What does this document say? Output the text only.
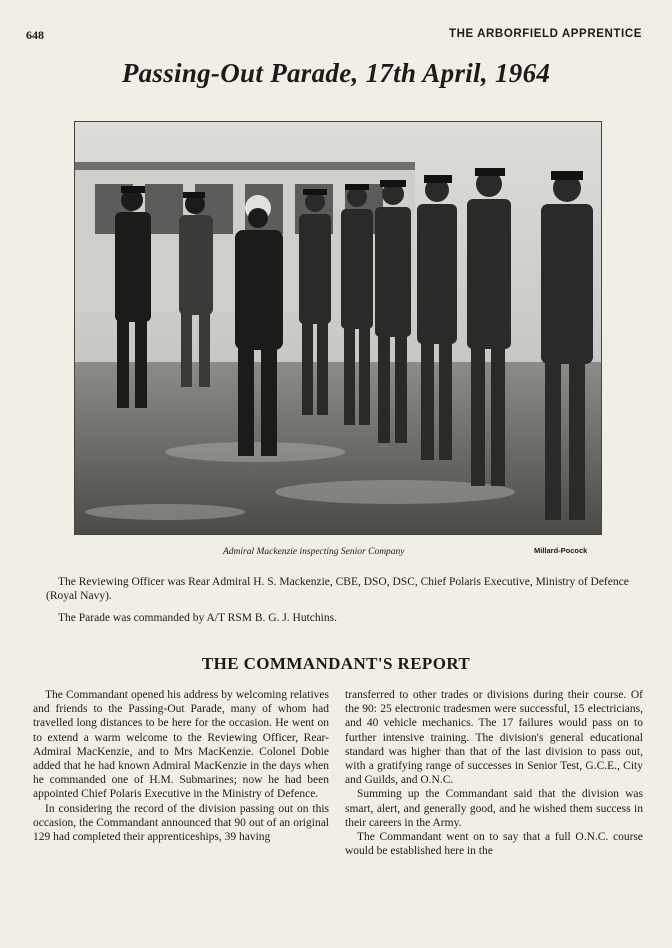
648	THE ARBORFIELD APPRENTICE
Passing-Out Parade, 17th April, 1964
Admiral Mackenzie inspecting Senior Company	Millard-Pocock

The Reviewing Officer was Rear Admiral H. S. Mackenzie, CBE, DSO, DSC, Chief Polaris Executive, Ministry of Defence (Royal Navy).

The Parade was commanded by A/T RSM B. G. J. Hutchins.

THE COMMANDANT'S REPORT

The Commandant opened his address by welcoming relatives and friends to the Passing-Out Parade, many of whom had travelled long distances to be here for the occasion. He went on to extend a warm welcome to the Reviewing Officer, Rear-Admiral MacKenzie, and to Mrs MacKenzie. Colonel Dobie added that he had known Admiral MacKenzie in the days when he commanded one of H.M. Submarines; now he had been appointed Chief Polaris Executive in the Ministry of Defence.

In considering the record of the division passing out on this occasion, the Commandant announced that 90 out of an original 129 had completed their apprenticeships, 39 having

transferred to other trades or divisions during their course. Of the 90: 25 electronic tradesmen were successful, 15 electricians, and 40 vehicle mechanics. The 17 failures would pass on to further intensive training. The division's general educational standard was higher than that of the last division to pass out, with a gratifying range of successes in Senior Test, G.C.E., City and Guilds, and O.N.C.

Summing up the Commandant said that the division was smart, alert, and generally good, and he wished them success in their careers in the Army.

The Commandant went on to say that a full O.N.C. course would be established here in the
